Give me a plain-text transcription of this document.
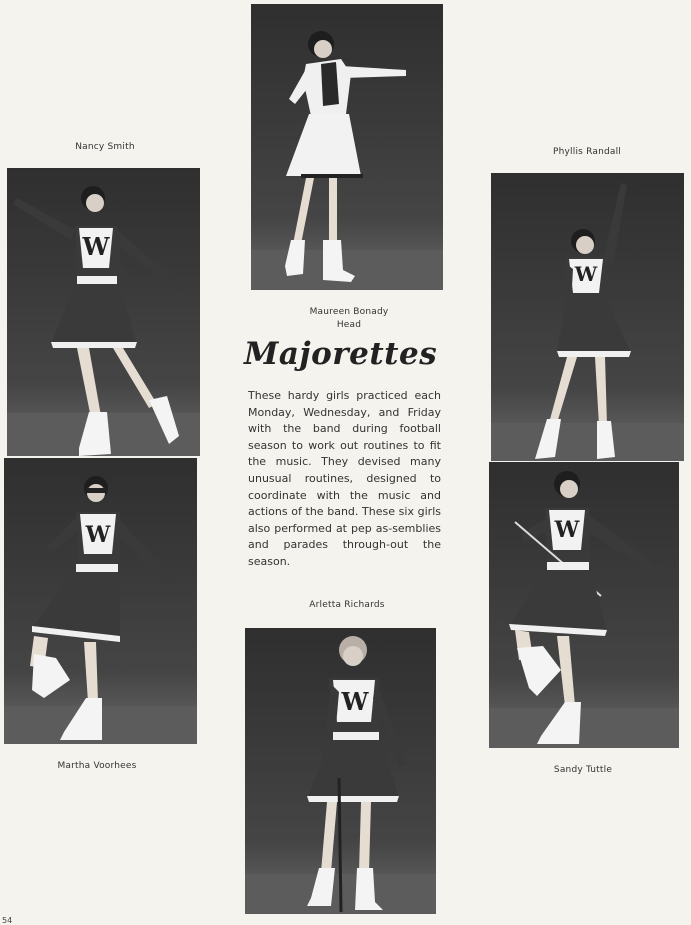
Nancy Smith	Phyllis Randall
Maureen Bonady
Head
Arletta Richards
Martha Voorhees	Sandy Tuttle
Majorettes
These hardy girls practiced each Monday, Wednesday, and Friday with the band during football season to work out routines to fit the music. They devised many unusual routines, designed to coordinate with the music and actions of the band. These six girls also performed at pep as-semblies and parades through-out the season.
54
W
W
W	W
W
